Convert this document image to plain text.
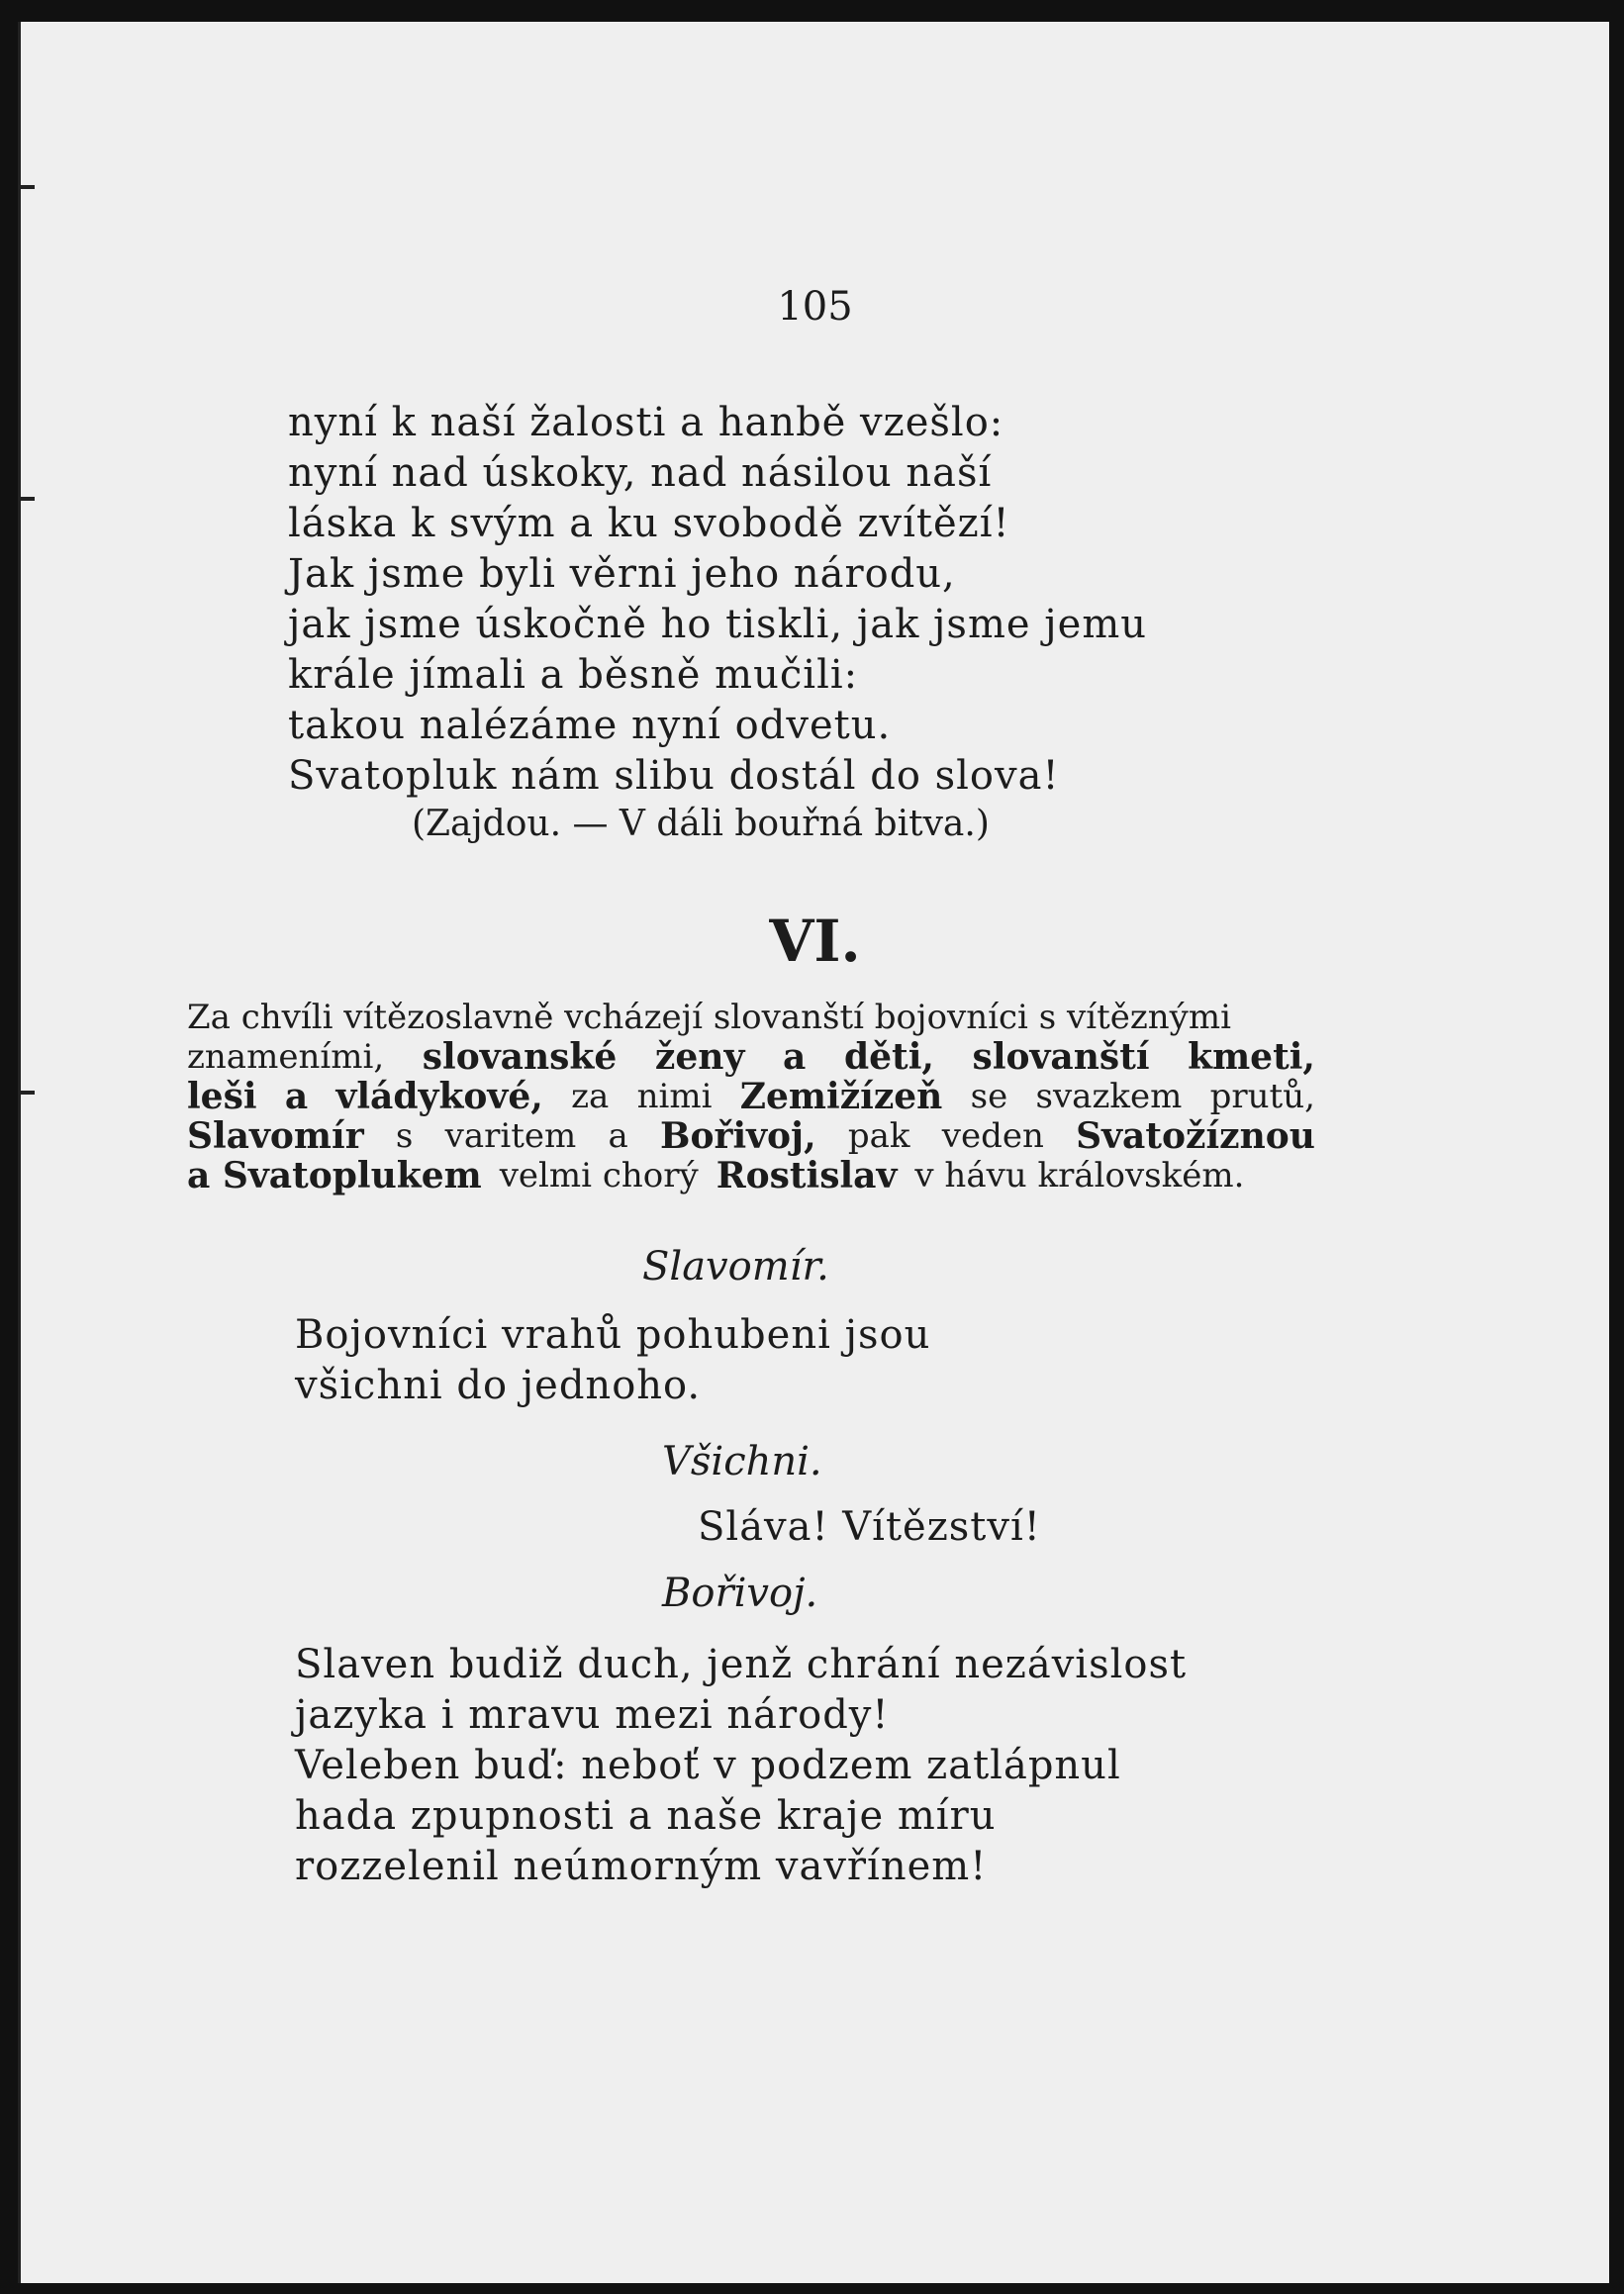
105
nyní k naší žalosti a hanbě vzešlo:
nyní nad úskoky, nad násilou naší
láska k svým a ku svobodě zvítězí!
Jak jsme byli věrni jeho národu,
jak jsme úskočně ho tiskli, jak jsme jemu
krále jímali a běsně mučili:
takou nalézáme nyní odvetu.
Svatopluk nám slibu dostál do slova!
(Zajdou. — V dáli bouřná bitva.)
VI.
Za chvíli vítězoslavně vcházejí slovanští bojovníci s vítěznými
znameními, slovanské ženy a děti, slovanští kmeti,
leši a vládykové, za nimi Zemižízeň se svazkem prutů,
Slavomír s varitem a Bořivoj, pak veden Svatožíznou
a Svatoplukem velmi chorý Rostislav v hávu královském.
Slavomír.
Bojovníci vrahů pohubeni jsou
všichni do jednoho.
Všichni.
Sláva! Vítězství!
Bořivoj.
Slaven budiž duch, jenž chrání nezávislost
jazyka i mravu mezi národy!
Veleben buď: neboť v podzem zatlápnul
hada zpupnosti a naše kraje míru
rozzelenil neúmorným vavřínem!
